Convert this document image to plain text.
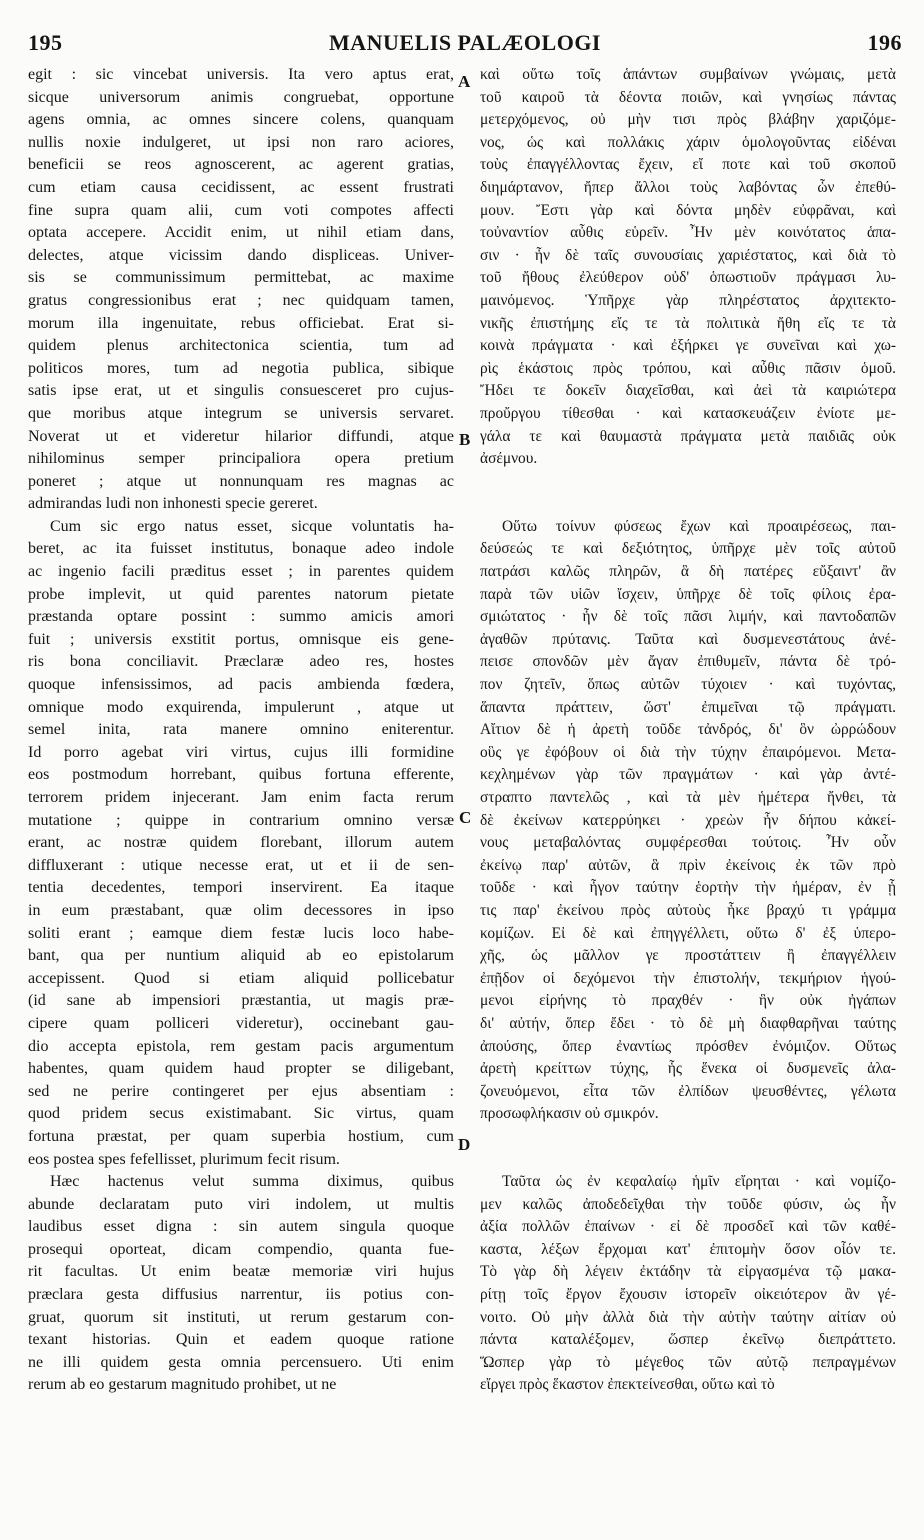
195	MANUELIS PALÆOLOGI	196
A
B
C
D
egit : sic vincebat universis. Ita vero aptus erat,
sicque universorum animis congruebat, opportune
agens omnia, ac omnes sincere colens, quanquam
nullis noxie indulgeret, ut ipsi non raro aciores,
beneficii se reos agnoscerent, ac agerent gratias,
cum etiam causa cecidissent, ac essent frustrati
fine supra quam alii, cum voti compotes affecti
optata accepere. Accidit enim, ut nihil etiam dans,
delectes, atque vicissim dando displiceas. Univer-
sis se communissimum permittebat, ac maxime
gratus congressionibus erat ; nec quidquam tamen,
morum illa ingenuitate, rebus officiebat. Erat si-
quidem plenus architectonica scientia, tum ad
politicos mores, tum ad negotia publica, sibique
satis ipse erat, ut et singulis consuesceret pro cujus-
que moribus atque integrum se universis servaret.
Noverat ut et videretur hilarior diffundi, atque
nihilominus semper principaliora opera pretium
poneret ; atque ut nonnunquam res magnas ac
admirandas ludi non inhonesti specie gereret.
Cum sic ergo natus esset, sicque voluntatis ha-
beret, ac ita fuisset institutus, bonaque adeo indole
ac ingenio facili præditus esset ; in parentes quidem
probe implevit, ut quid parentes natorum pietate
præstanda optare possint : summo amicis amori
fuit ; universis exstitit portus, omnisque eis gene-
ris bona conciliavit. Præclaræ adeo res, hostes
quoque infensissimos, ad pacis ambienda fœdera,
omnique modo exquirenda, impulerunt , atque ut
semel inita, rata manere omnino eniterentur.
Id porro agebat viri virtus, cujus illi formidine
eos postmodum horrebant, quibus fortuna efferente,
terrorem pridem injecerant. Jam enim facta rerum
mutatione ; quippe in contrarium omnino versæ
erant, ac nostræ quidem florebant, illorum autem
diffluxerant : utique necesse erat, ut et ii de sen-
tentia decedentes, tempori inservirent. Ea itaque
in eum præstabant, quæ olim decessores in ipso
soliti erant ; eamque diem festæ lucis loco habe-
bant, qua per nuntium aliquid ab eo epistolarum
accepissent. Quod si etiam aliquid pollicebatur
(id sane ab impensiori præstantia, ut magis præ-
cipere quam polliceri videretur), occinebant gau-
dio accepta epistola, rem gestam pacis argumentum
habentes, quam quidem haud propter se diligebant,
sed ne perire contingeret per ejus absentiam :
quod pridem secus existimabant. Sic virtus, quam
fortuna præstat, per quam superbia hostium, cum
eos postea spes fefellisset, plurimum fecit risum.
Hæc hactenus velut summa diximus, quibus
abunde declaratam puto viri indolem, ut multis
laudibus esset digna : sin autem singula quoque
prosequi oporteat, dicam compendio, quanta fue-
rit facultas. Ut enim beatæ memoriæ viri hujus
præclara gesta diffusius narrentur, iis potius con-
gruat, quorum sit instituti, ut rerum gestarum con-
texant historias. Quin et eadem quoque ratione
ne illi quidem gesta omnia percensuero. Uti enim
rerum ab eo gestarum magnitudo prohibet, ut ne
καὶ οὕτω τοῖς ἁπάντων συμβαίνων γνώμαις, μετὰ
τοῦ καιροῦ τὰ δέοντα ποιῶν, καὶ γνησίως πάντας
μετερχόμενος, οὐ μὴν τισι πρὸς βλάβην χαριζόμε-
νος, ὡς καὶ πολλάκις χάριν ὁμολογοῦντας εἰδέναι
τοὺς ἐπαγγέλλοντας ἔχειν, εἴ ποτε καὶ τοῦ σκοποῦ
διημάρτανον, ἤπερ ἄλλοι τοὺς λαβόντας ὧν ἐπεθύ-
μουν. Ἔστι γὰρ καὶ δόντα μηδὲν εὐφρᾶναι, καὶ
τοὐναντίον αὖθις εὑρεῖν. Ἦν μὲν κοινότατος ἁπα-
σιν · ἦν δὲ ταῖς συνουσίαις χαριέστατος, καὶ διὰ τὸ
τοῦ ἤθους ἐλεύθερον οὐδ' ὁπωστιοῦν πράγμασι λυ-
μαινόμενος. Ὑπῆρχε γὰρ πληρέστατος ἀρχιτεκτο-
νικῆς ἐπιστήμης εἴς τε τὰ πολιτικὰ ἤθη εἴς τε τὰ
κοινὰ πράγματα · καὶ ἐξήρκει γε συνεῖναι καὶ χω-
ρὶς ἑκάστοις πρὸς τρόπου, καὶ αὖθις πᾶσιν ὁμοῦ.
Ἤδει τε δοκεῖν διαχεῖσθαι, καὶ ἀεὶ τὰ καιριώτερα
προὔργου τίθεσθαι · καὶ κατασκευάζειν ἐνίοτε με-
γάλα τε καὶ θαυμαστὰ πράγματα μετὰ παιδιᾶς οὐκ
ἀσέμνου.
Οὕτω τοίνυν φύσεως ἔχων καὶ προαιρέσεως, παι-
δεύσεώς τε καὶ δεξιότητος, ὑπῆρχε μὲν τοῖς αὐτοῦ
πατράσι καλῶς πληρῶν, ἃ δὴ πατέρες εὔξαιντ' ἂν
παρὰ τῶν υἱῶν ἴσχειν, ὑπῆρχε δὲ τοῖς φίλοις ἐρα-
σμιώτατος · ἦν δὲ τοῖς πᾶσι λιμήν, καὶ παντοδαπῶν
ἀγαθῶν πρύτανις. Ταῦτα καὶ δυσμενεστάτους ἀνέ-
πεισε σπονδῶν μὲν ἄγαν ἐπιθυμεῖν, πάντα δὲ τρό-
πον ζητεῖν, ὅπως αὐτῶν τύχοιεν · καὶ τυχόντας,
ἅπαντα πράττειν, ὥστ' ἐπιμεῖναι τῷ πράγματι.
Αἴτιον δὲ ἡ ἀρετὴ τοῦδε τἀνδρός, δι' ὃν ὠρρώδουν
οὓς γε ἐφόβουν οἱ διὰ τὴν τύχην ἐπαιρόμενοι. Μετα-
κεχλημένων γὰρ τῶν πραγμάτων · καὶ γὰρ ἀντέ-
στραπτο παντελῶς , καὶ τὰ μὲν ἡμέτερα ἤνθει, τὰ
δὲ ἐκείνων κατερρύηκει · χρεὼν ἦν δήπου κἀκεί-
νους μεταβαλόντας συμφέρεσθαι τούτοις. Ἦν οὖν
ἐκείνῳ παρ' αὐτῶν, ἃ πρὶν ἐκείνοις ἐκ τῶν πρὸ
τοῦδε · καὶ ἦγον ταύτην ἑορτὴν τὴν ἡμέραν, ἐν ᾗ
τις παρ' ἐκείνου πρὸς αὐτοὺς ἧκε βραχύ τι γράμμα
κομίζων. Εἰ δὲ καὶ ἐπηγγέλλετι, οὕτω δ' ἐξ ὑπερο-
χῆς, ὡς μᾶλλον γε προστάττειν ἢ ἐπαγγέλλειν
ἐπῇδον οἱ δεχόμενοι τὴν ἐπιστολήν, τεκμήριον ἡγού-
μενοι εἰρήνης τὸ πραχθέν · ἣν οὐκ ἠγάπων
δι' αὐτήν, ὅπερ ἔδει · τὸ δὲ μὴ διαφθαρῆναι ταύτης
ἀπούσης, ὅπερ ἐναντίως πρόσθεν ἐνόμιζον. Οὕτως
ἀρετὴ κρείττων τύχης, ἧς ἕνεκα οἱ δυσμενεῖς ἀλα-
ζονευόμενοι, εἶτα τῶν ἐλπίδων ψευσθέντες, γέλωτα
προσωφλήκασιν οὐ σμικρόν.
Ταῦτα ὡς ἐν κεφαλαίῳ ἡμῖν εἴρηται · καὶ νομίζο-
μεν καλῶς ἀποδεδεῖχθαι τὴν τοῦδε φύσιν, ὡς ἦν
ἀξία πολλῶν ἐπαίνων · εἰ δὲ προσδεῖ καὶ τῶν καθέ-
καστα, λέξων ἔρχομαι κατ' ἐπιτομὴν ὅσον οἷόν τε.
Τὸ γὰρ δὴ λέγειν ἐκτάδην τὰ εἰργασμένα τῷ μακα-
ρίτῃ τοῖς ἔργον ἔχουσιν ἱστορεῖν οἰκειότερον ἂν γέ-
νοιτο. Οὐ μὴν ἀλλὰ διὰ τὴν αὐτὴν ταύτην αἰτίαν οὐ
πάντα καταλέξομεν, ὥσπερ ἐκεῖνῳ διεπράττετο.
Ὥσπερ γὰρ τὸ μέγεθος τῶν αὐτῷ πεπραγμένων
εἴργει πρὸς ἕκαστον ἐπεκτείνεσθαι, οὕτω καὶ τὸ
